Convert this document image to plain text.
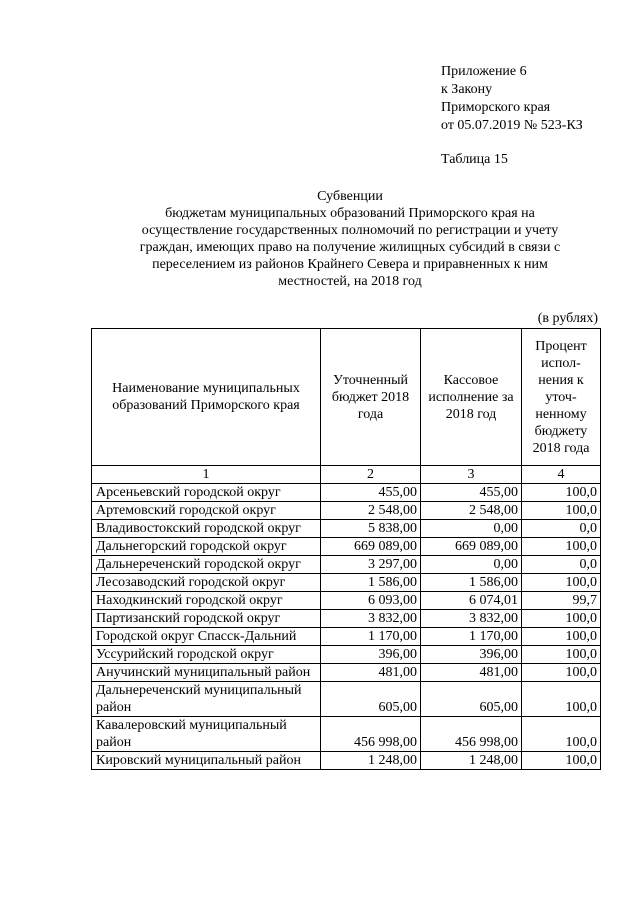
Приложение 6
к Закону
Приморского края
от 05.07.2019 № 523-КЗ
Таблица 15
Субвенции
бюджетам муниципальных образований Приморского края на
осуществление государственных полномочий по регистрации и учету
граждан, имеющих право на получение жилищных субсидий в связи с
переселением из районов Крайнего Севера и приравненных к ним
местностей, на 2018 год
(в рублях)
Наименование муниципальных образований Приморского края	Уточненный бюджет 2018 года	Кассовое исполнение за 2018 год	Процент испол-нения к уточ-ненному бюджету 2018 года
1	2	3	4
Арсеньевский городской округ	455,00	455,00	100,0
Артемовский городской округ	2 548,00	2 548,00	100,0
Владивостокский городской округ	5 838,00	0,00	0,0
Дальнегорский городской округ	669 089,00	669 089,00	100,0
Дальнереченский городской округ	3 297,00	0,00	0,0
Лесозаводский городской округ	1 586,00	1 586,00	100,0
Находкинский городской округ	6 093,00	6 074,01	99,7
Партизанский городской округ	3 832,00	3 832,00	100,0
Городской округ Спасск-Дальний	1 170,00	1 170,00	100,0
Уссурийский городской округ	396,00	396,00	100,0
Анучинский муниципальный район	481,00	481,00	100,0
Дальнереченский муниципальный район	605,00	605,00	100,0
Кавалеровский муниципальный район	456 998,00	456 998,00	100,0
Кировский муниципальный район	1 248,00	1 248,00	100,0
